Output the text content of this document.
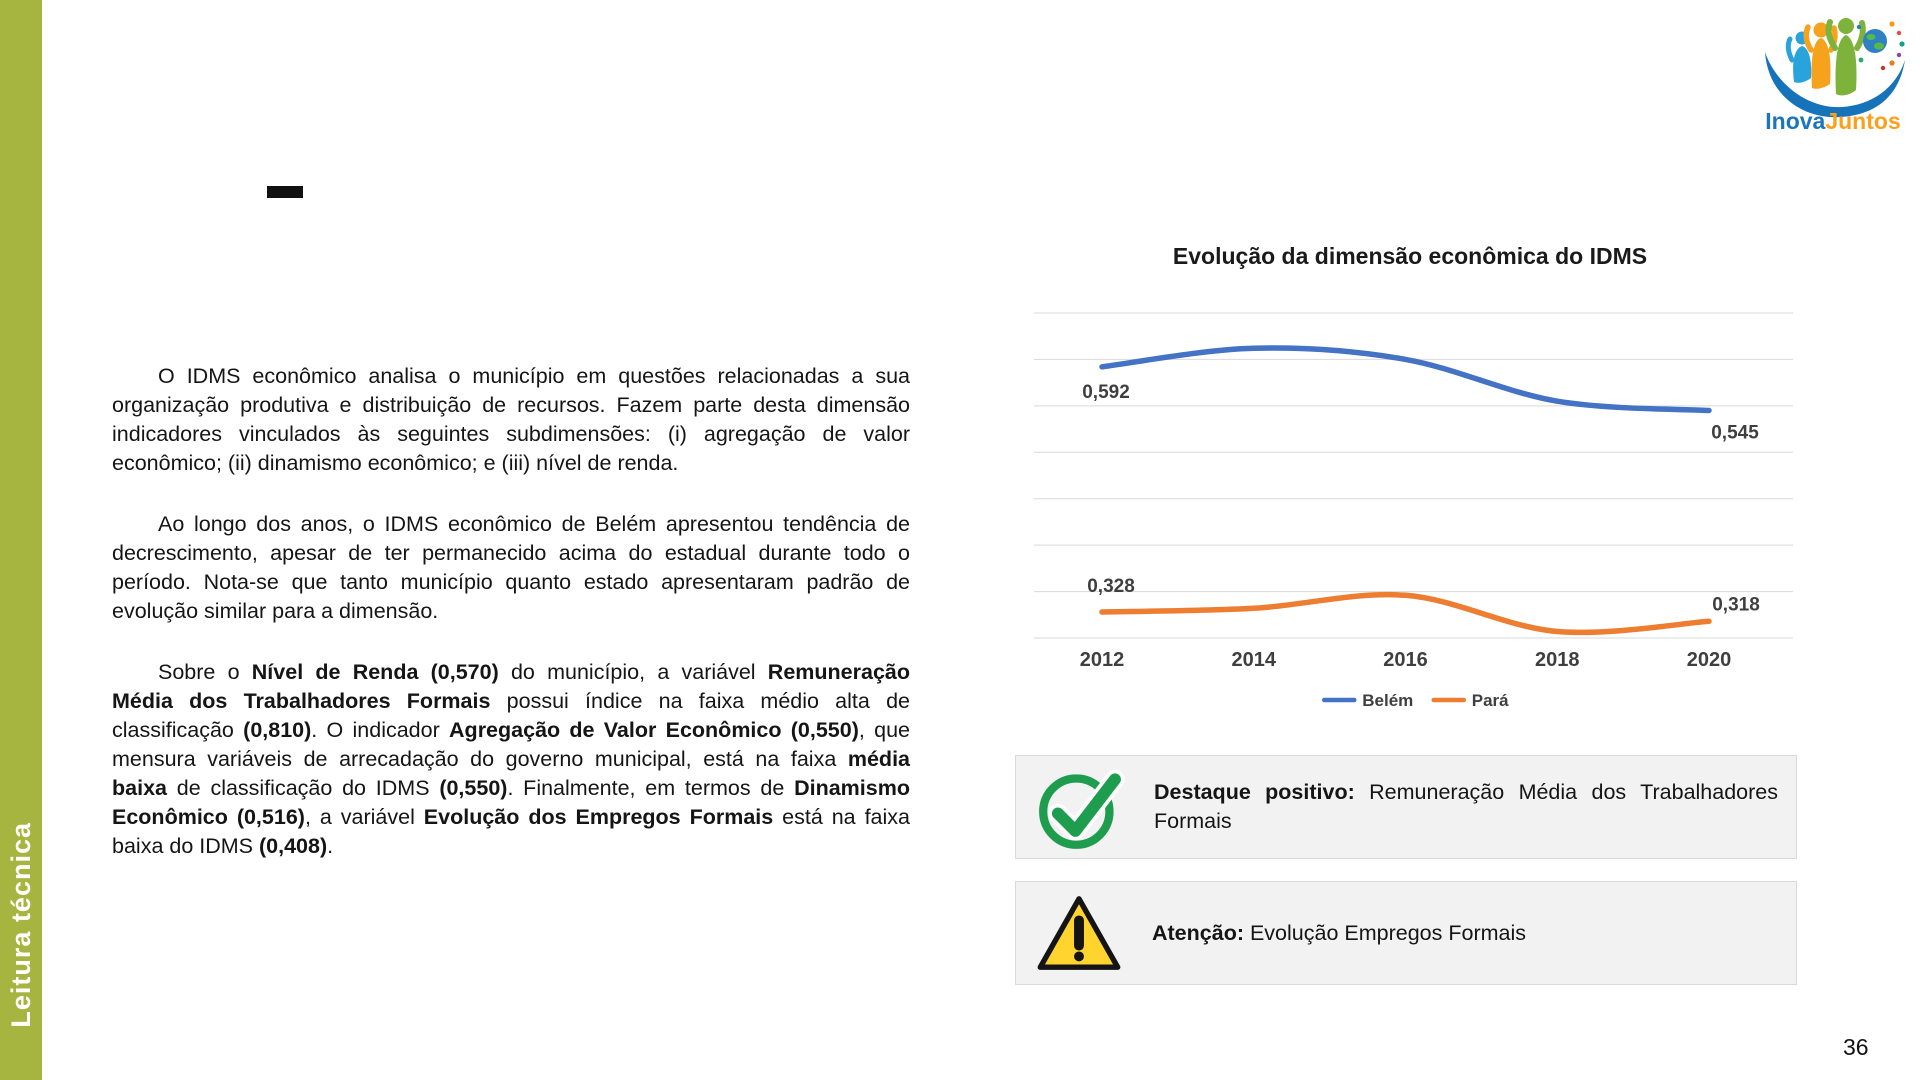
Leitura técnica
InovaJuntos

O IDMS econômico analisa o município em questões relacionadas a sua organização produtiva e distribuição de recursos. Fazem parte desta dimensão indicadores vinculados às seguintes subdimensões: (i) agregação de valor econômico; (ii) dinamismo econômico; e (iii) nível de renda.

Ao longo dos anos, o IDMS econômico de Belém apresentou tendência de decrescimento, apesar de ter permanecido acima do estadual durante todo o período. Nota-se que tanto município quanto estado apresentaram padrão de evolução similar para a dimensão.

Sobre o Nível de Renda (0,570) do município, a variável Remuneração Média dos Trabalhadores Formais possui índice na faixa médio alta de classificação (0,810). O indicador Agregação de Valor Econômico (0,550), que mensura variáveis de arrecadação do governo municipal, está na faixa média baixa de classificação do IDMS (0,550). Finalmente, em termos de Dinamismo Econômico (0,516), a variável Evolução dos Empregos Formais está na faixa baixa do IDMS (0,408).

2012	2014	2016	2018	2020
0,592
0,545
0,328
0,318
Belém	Pará
Evolução da dimensão econômica do IDMS

Destaque positivo: Remuneração Média dos Trabalhadores Formais

Atenção: Evolução Empregos Formais

36
